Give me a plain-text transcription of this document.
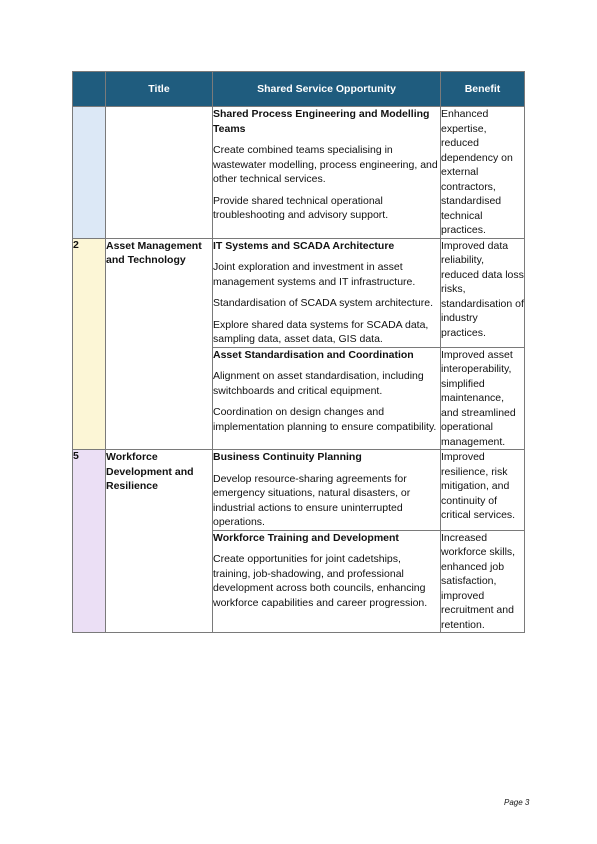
	Title	Shared Service Opportunity	Benefit

		Shared Process Engineering and Modelling Teams
Create combined teams specialising in wastewater modelling, process engineering, and other technical services.
Provide shared technical operational troubleshooting and advisory support.	Enhanced expertise, reduced dependency on external contractors, standardised technical practices.
2	Asset Management and Technology	IT Systems and SCADA Architecture
Joint exploration and investment in asset management systems and IT infrastructure.
Standardisation of SCADA system architecture.
Explore shared data systems for SCADA data, sampling data, asset data, GIS data.	Improved data reliability, reduced data loss risks, standardisation of industry practices.

		Asset Standardisation and Coordination
Alignment on asset standardisation, including switchboards and critical equipment.
Coordination on design changes and implementation planning to ensure compatibility.	Improved asset interoperability, simplified maintenance, and streamlined operational management.
5	Workforce Development and Resilience	Business Continuity Planning
Develop resource-sharing agreements for emergency situations, natural disasters, or industrial actions to ensure uninterrupted operations.	Improved resilience, risk mitigation, and continuity of critical services.

		Workforce Training and Development
Create opportunities for joint cadetships, training, job-shadowing, and professional development across both councils, enhancing workforce capabilities and career progression.	Increased workforce skills, enhanced job satisfaction, improved recruitment and retention.
Page 3
